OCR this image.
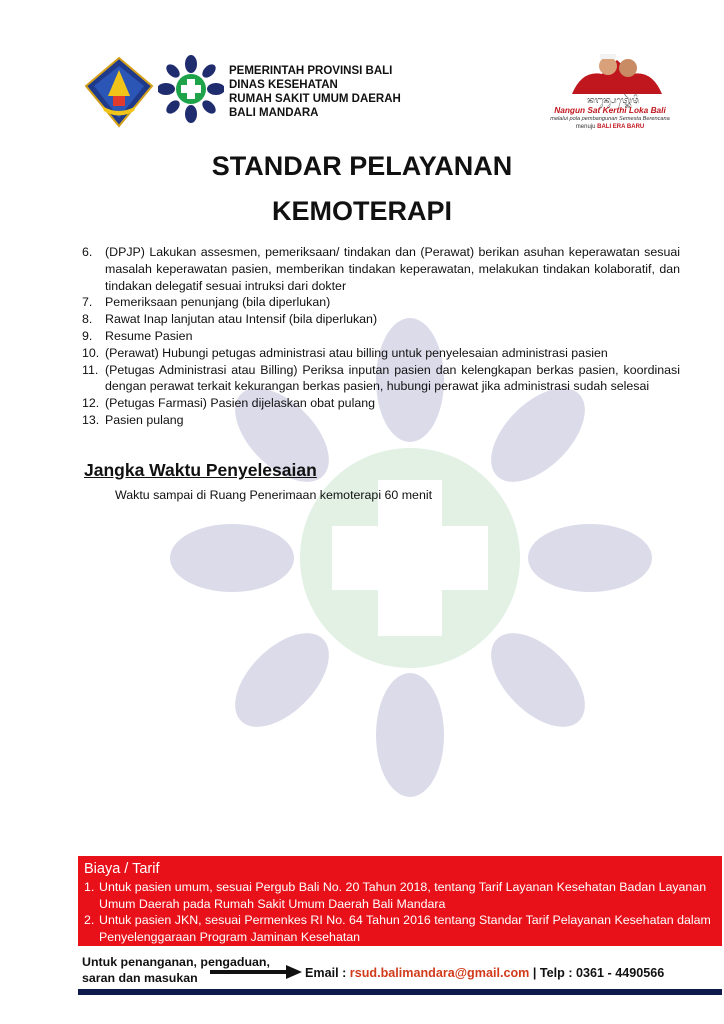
PEMERINTAH PROVINSI BALI
DINAS KESEHATAN
RUMAH SAKIT UMUM DAERAH
BALI MANDARA
ᬦᬗᬸᬦ᭄ᬲᬢ᭄ᬓᬾᬃᬣᬶ
Nangun Sat Kerthi Loka Bali
melalui pola pembangunan Semesta Berencana
menuju BALI ERA BARU
STANDAR PELAYANAN
KEMOTERAPI
6.	(DPJP) Lakukan assesmen, pemeriksaan/ tindakan dan (Perawat) berikan asuhan keperawatan sesuai masalah keperawatan pasien, memberikan tindakan keperawatan, melakukan tindakan kolaboratif, dan tindakan delegatif sesuai intruksi dari dokter
7.	Pemeriksaan penunjang (bila diperlukan)
8.	Rawat Inap lanjutan atau Intensif (bila diperlukan)
9.	Resume Pasien
10. (Perawat) Hubungi petugas administrasi atau billing untuk penyelesaian administrasi pasien
11. (Petugas Administrasi atau Billing) Periksa inputan pasien dan kelengkapan berkas pasien, koordinasi dengan perawat terkait kekurangan berkas pasien, hubungi perawat jika administrasi sudah selesai
12. (Petugas Farmasi) Pasien dijelaskan obat pulang
13. Pasien pulang
Jangka Waktu Penyelesaian
Waktu sampai di Ruang Penerimaan kemoterapi 60 menit
Biaya / Tarif
1. Untuk pasien umum, sesuai Pergub Bali No. 20 Tahun 2018, tentang Tarif Layanan Kesehatan Badan Layanan Umum Daerah pada Rumah Sakit Umum Daerah Bali Mandara
2. Untuk pasien JKN, sesuai Permenkes RI No. 64 Tahun 2016 tentang Standar Tarif Pelayanan Kesehatan dalam Penyelenggaraan Program Jaminan Kesehatan
Untuk penanganan, pengaduan,
saran dan masukan	Email : rsud.balimandara@gmail.com | Telp : 0361 - 4490566
